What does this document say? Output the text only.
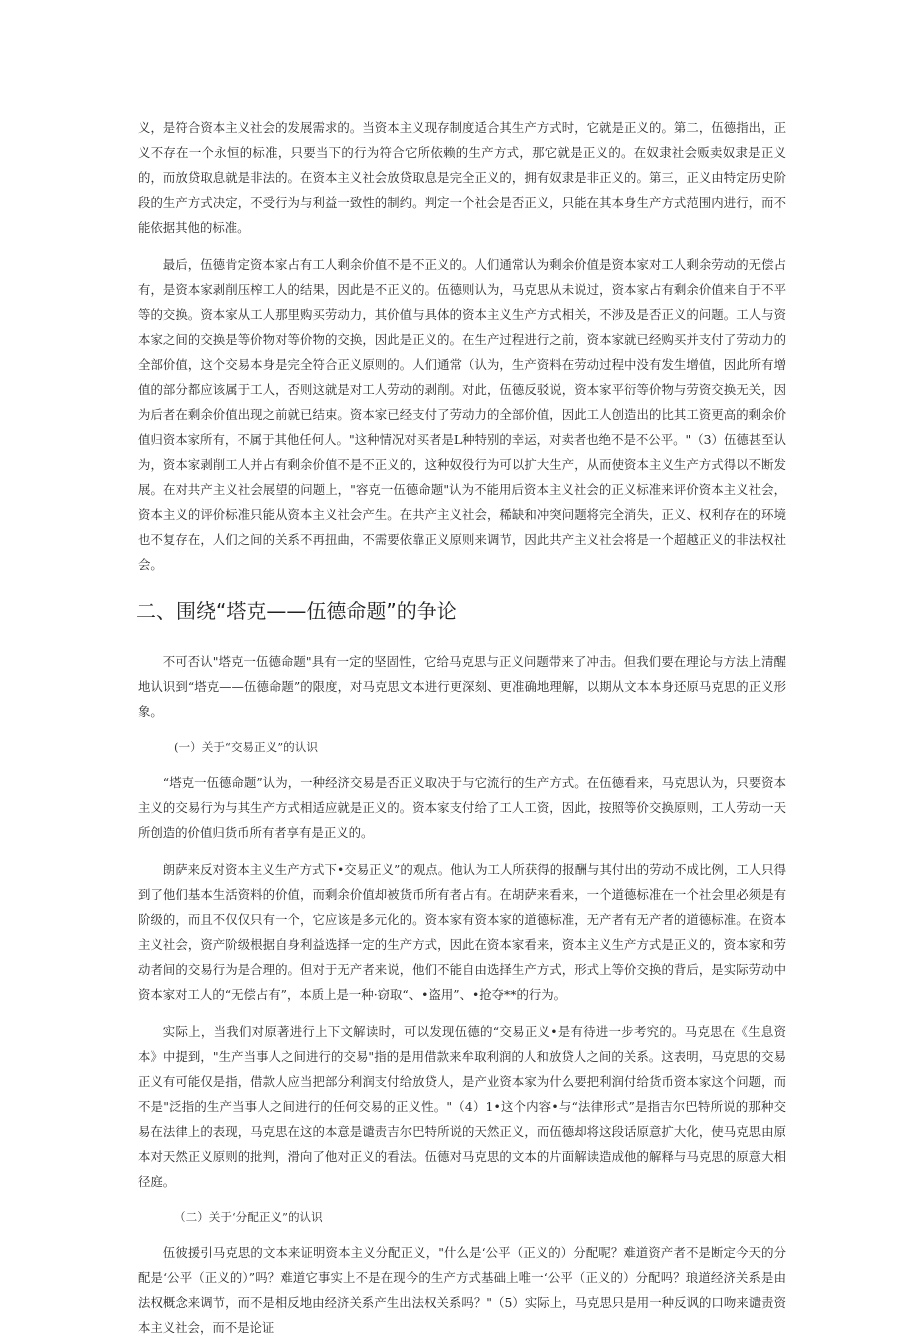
义，是符合资本主义社会的发展需求的。当资本主义现存制度适合其生产方式时，它就是正义的。第二，伍德指出，正义不存在一个永恒的标准，只要当下的行为符合它所依赖的生产方式，那它就是正义的。在奴隶社会贩卖奴隶是正义的，而放贷取息就是非法的。在资本主义社会放贷取息是完全正义的，拥有奴隶是非正义的。第三，正义由特定历史阶段的生产方式决定，不受行为与利益一致性的制约。判定一个社会是否正义，只能在其本身生产方式范围内进行，而不能依据其他的标准。

最后，伍德肯定资本家占有工人剩余价值不是不正义的。人们通常认为剩余价值是资本家对工人剩余劳动的无偿占有，是资本家剥削压榨工人的结果，因此是不正义的。伍德则认为，马克思从未说过，资本家占有剩余价值来自于不平等的交换。资本家从工人那里购买劳动力，其价值与具体的资本主义生产方式相关，不涉及是否正义的问题。工人与资本家之间的交换是等价物对等价物的交换，因此是正义的。在生产过程进行之前，资本家就已经购买并支付了劳动力的全部价值，这个交易本身是完全符合正义原则的。人们通常（认为，生产资料在劳动过程中没有发生增值，因此所有增值的部分都应该属于工人，否则这就是对工人劳动的剥削。对此，伍德反驳说，资本家平衍等价物与劳资交换无关，因为后者在剩余价值出现之前就已结束。资本家已经支付了劳动力的全部价值，因此工人创造出的比其工资更高的剩余价值归资本家所有，不属于其他任何人。"这种情况对买者是L种特别的幸运，对卖者也绝不是不公平。"（3）伍德甚至认为，资本家剥削工人并占有剩余价值不是不正义的，这种奴役行为可以扩大生产，从而使资本主义生产方式得以不断发展。在对共产主义社会展望的问题上，"容克一伍德命题"认为不能用后资本主义社会的正义标准来评价资本主义社会，资本主义的评价标准只能从资本主义社会产生。在共产主义社会，稀缺和冲突问题将完全消失，正义、权利存在的环境也不复存在，人们之间的关系不再扭曲，不需要依靠正义原则来调节，因此共产主义社会将是一个超越正义的非法权社会。

二、围绕“塔克——伍德命题”的争论

不可否认"塔克一伍德命题"具有一定的坚固性，它给马克思与正义问题带来了冲击。但我们要在理论与方法上清醒地认识到“塔克——伍德命题”的限度，对马克思文本进行更深刻、更准确地理解，以期从文本本身还原马克思的正义形象。

(一）关于“交易正义”的认识

“塔克一伍德命题”认为，一种经济交易是否正义取决于与它流行的生产方式。在伍德看来，马克思认为，只要资本主义的交易行为与其生产方式相适应就是正义的。资本家支付给了工人工资，因此，按照等价交换原则，工人劳动一天所创造的价值归货币所有者享有是正义的。

朗萨来反对资本主义生产方式下•交易正义”的观点。他认为工人所获得的报酬与其付出的劳动不成比例，工人只得到了他们基本生活资料的价值，而剩余价值却被货币所有者占有。在胡萨来看来，一个道德标准在一个社会里必须是有阶级的，而且不仅仅只有一个，它应该是多元化的。资本家有资本家的道德标准，无产者有无产者的道德标准。在资本主义社会，资产阶级根据自身利益选择一定的生产方式，因此在资本家看来，资本主义生产方式是正义的，资本家和劳动者间的交易行为是合理的。但对于无产者来说，他们不能自由选择生产方式，形式上等价交换的背后，是实际劳动中资本家对工人的“无偿占有”，本质上是一种·窃取“、•盗用”、•抢夺**的行为。

实际上，当我们对原著进行上下文解读时，可以发现伍德的“交易正义•是有待进一步考究的。马克思在《生息资本》中提到，"生产当事人之间进行的交易"指的是用借款来牟取利润的人和放贷人之间的关系。这表明，马克思的交易正义有可能仅是指，借款人应当把部分利润支付给放贷人，是产业资本家为什么要把利润付给货币资本家这个问题，而不是"泛指的生产当事人之间进行的任何交易的正义性。"（4）1•这个内容•与“法律形式”是指吉尔巴特所说的那种交易在法律上的表现，马克思在这的本意是谴责吉尔巴特所说的天然正义，而伍德却将这段话原意扩大化，使马克思由原本对天然正义原则的批判，滑向了他对正义的看法。伍德对马克思的文本的片面解读造成他的解释与马克思的原意大相径庭。

（二）关于‘分配正义”的认识

伍彼援引马克思的文本来证明资本主义分配正义，"什么是‘公平（正义的）分配呢？难道资产者不是断定今天的分配是‘公平（正义的）”吗？难道它事实上不是在现今的生产方式基础上唯一‘公平（正义的）分配吗？琅道经济关系是由法权概念来调节，而不是相反地由经济关系产生出法权关系吗？"（5）实际上，马克思只是用一种反讽的口吻来谴责资本主义社会，而不是论证
